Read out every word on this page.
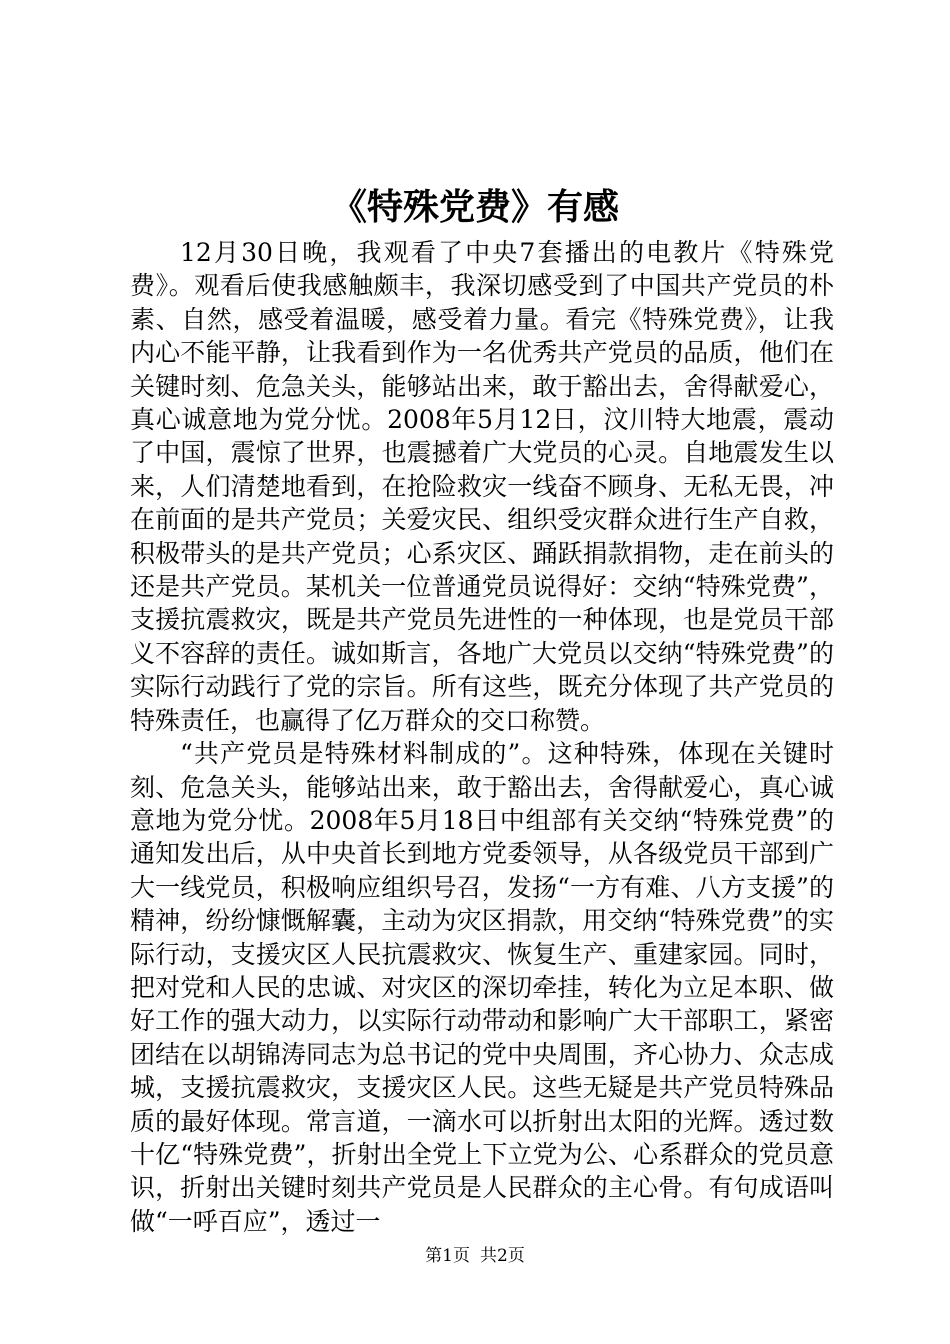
《特殊党费》有感

12月30日晚，我观看了中央7套播出的电教片《特殊党费》。观看后使我感触颇丰，我深切感受到了中国共产党员的朴素、自然，感受着温暖，感受着力量。看完《特殊党费》，让我内心不能平静，让我看到作为一名优秀共产党员的品质，他们在关键时刻、危急关头，能够站出来，敢于豁出去，舍得献爱心，真心诚意地为党分忧。2008年5月12日，汶川特大地震，震动了中国，震惊了世界，也震撼着广大党员的心灵。自地震发生以来，人们清楚地看到，在抢险救灾一线奋不顾身、无私无畏，冲在前面的是共产党员；关爱灾民、组织受灾群众进行生产自救，积极带头的是共产党员；心系灾区、踊跃捐款捐物，走在前头的还是共产党员。某机关一位普通党员说得好：交纳“特殊党费”，支援抗震救灾，既是共产党员先进性的一种体现，也是党员干部义不容辞的责任。诚如斯言，各地广大党员以交纳“特殊党费”的实际行动践行了党的宗旨。所有这些，既充分体现了共产党员的特殊责任，也赢得了亿万群众的交口称赞。

“共产党员是特殊材料制成的”。这种特殊，体现在关键时刻、危急关头，能够站出来，敢于豁出去，舍得献爱心，真心诚意地为党分忧。2008年5月18日中组部有关交纳“特殊党费”的通知发出后，从中央首长到地方党委领导，从各级党员干部到广大一线党员，积极响应组织号召，发扬“一方有难、八方支援”的精神，纷纷慷慨解囊，主动为灾区捐款，用交纳“特殊党费”的实际行动，支援灾区人民抗震救灾、恢复生产、重建家园。同时，把对党和人民的忠诚、对灾区的深切牵挂，转化为立足本职、做好工作的强大动力，以实际行动带动和影响广大干部职工，紧密团结在以胡锦涛同志为总书记的党中央周围，齐心协力、众志成城，支援抗震救灾，支援灾区人民。这些无疑是共产党员特殊品质的最好体现。常言道，一滴水可以折射出太阳的光辉。透过数十亿“特殊党费”，折射出全党上下立党为公、心系群众的党员意识，折射出关键时刻共产党员是人民群众的主心骨。有句成语叫做“一呼百应”，透过一

第1页 共2页
